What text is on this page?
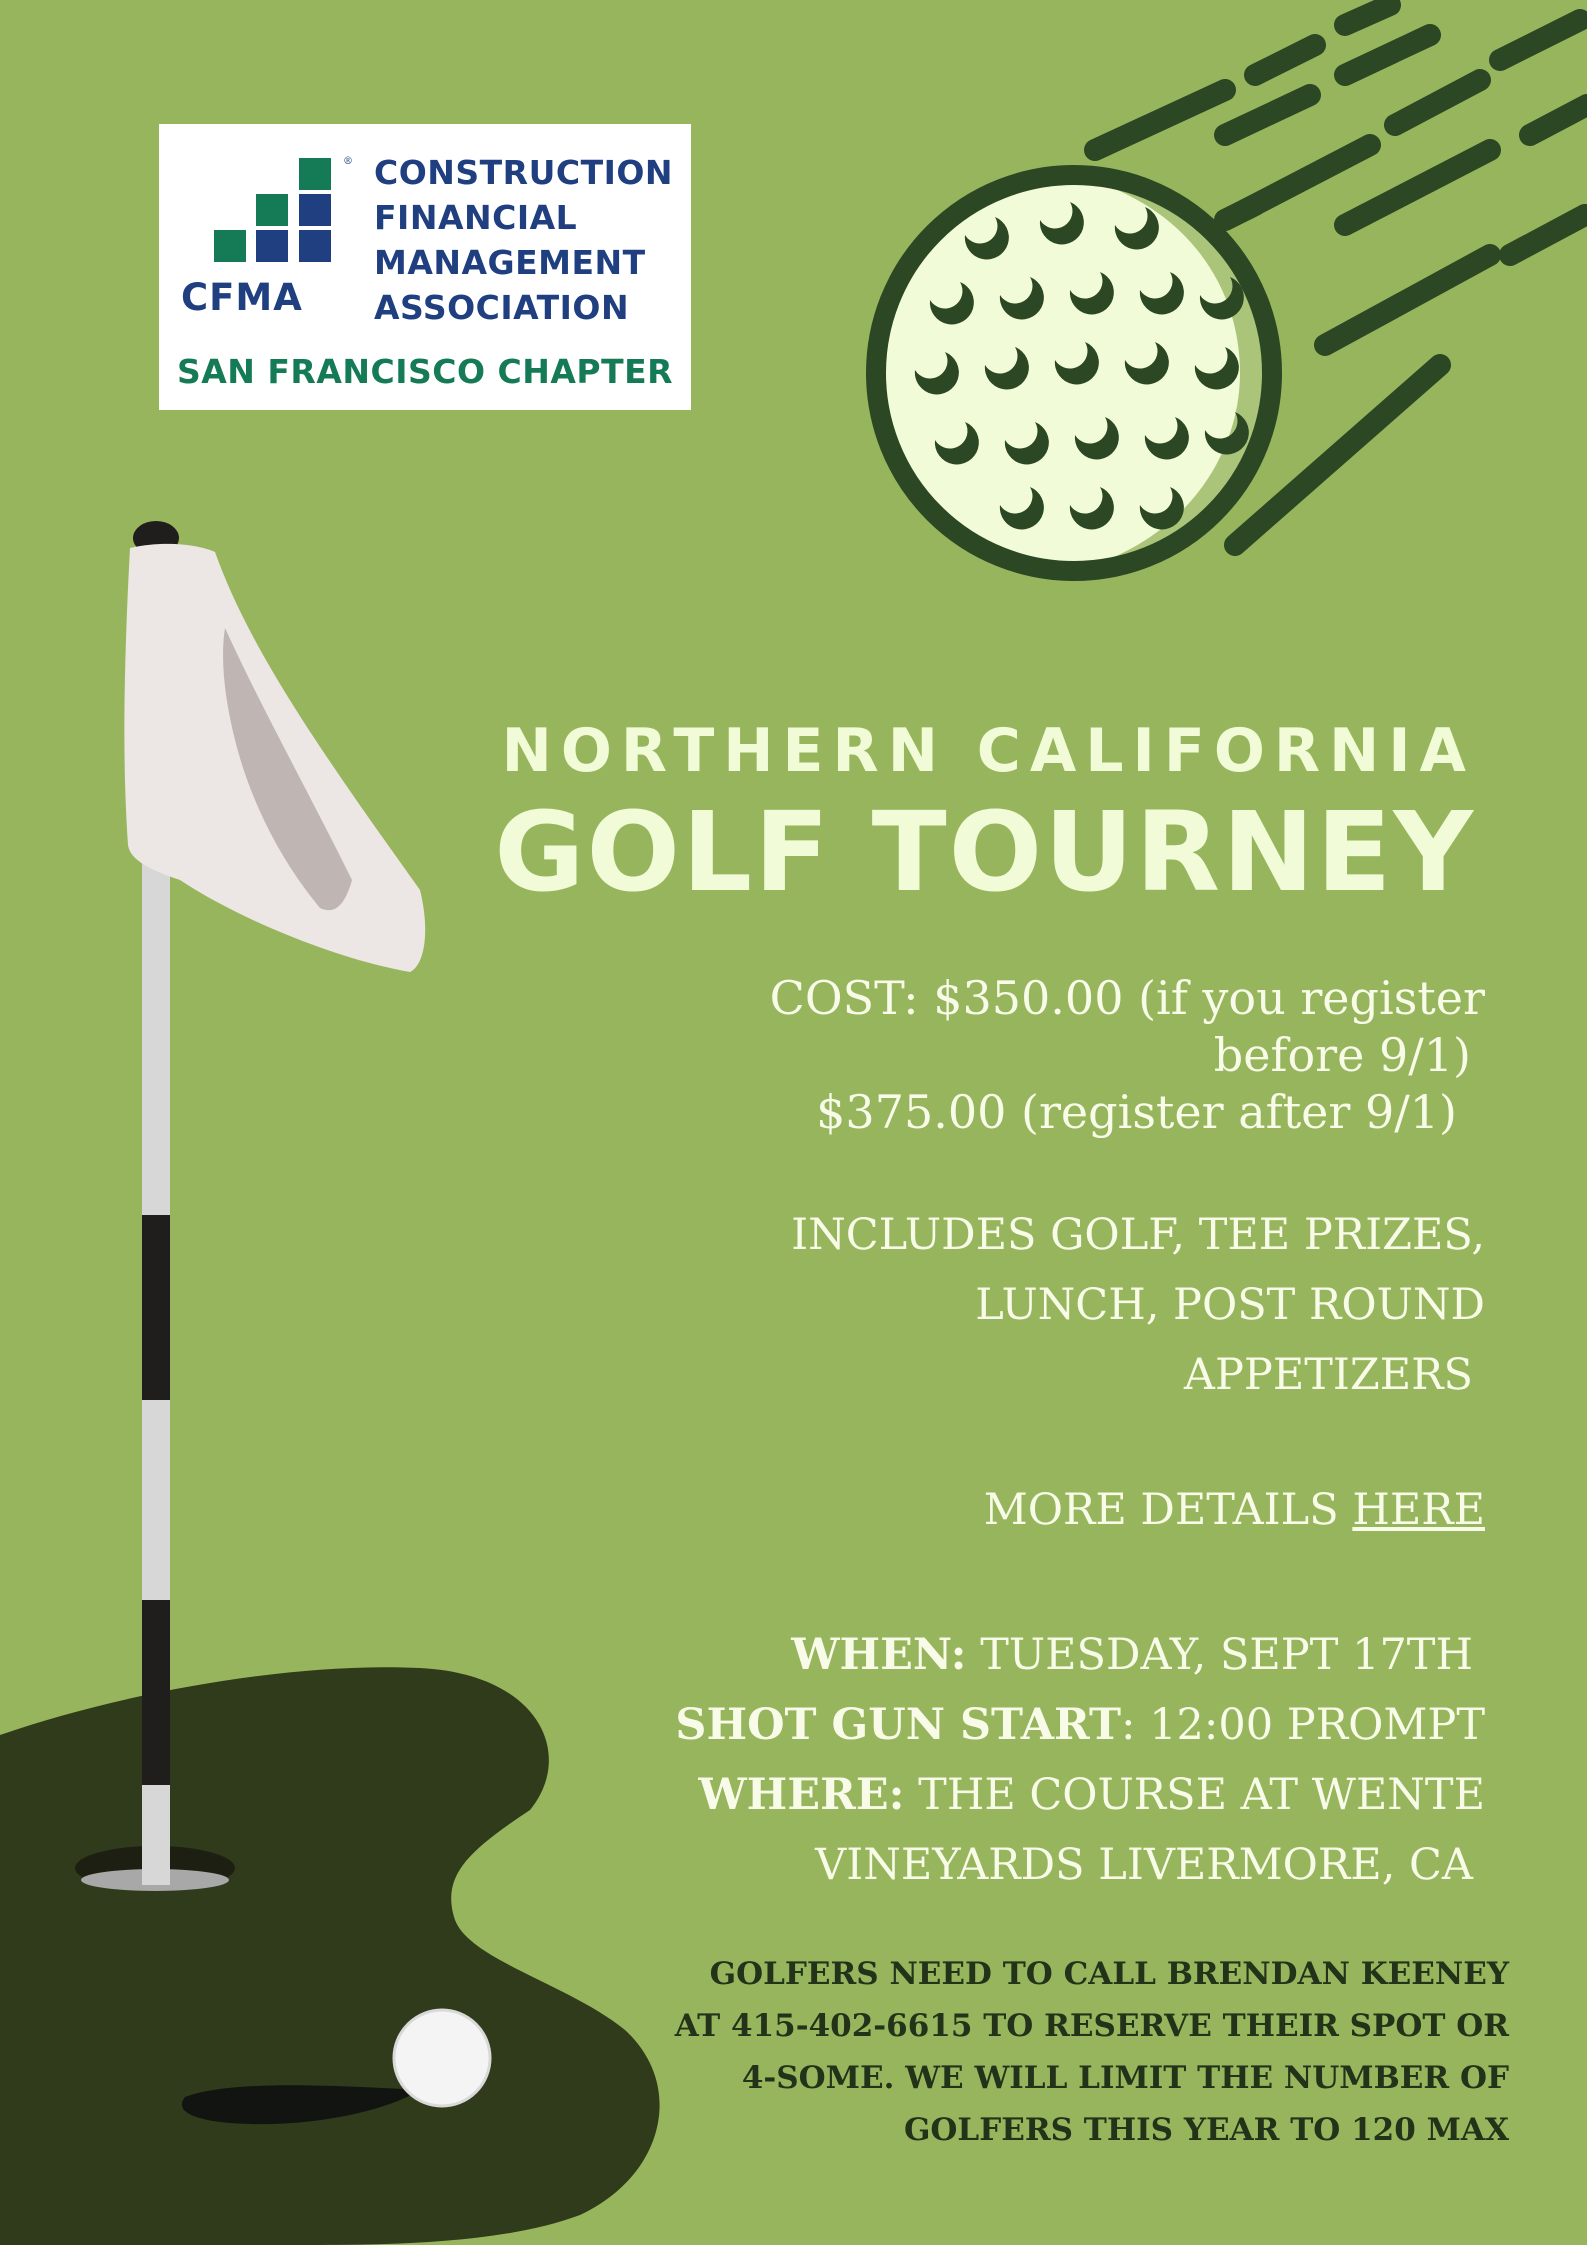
® CONSTRUCTION
FINANCIAL
MANAGEMENT
ASSOCIATION
CFMA
SAN FRANCISCO CHAPTER
NORTHERN CALIFORNIA
GOLF TOURNEY
COST: $350.00 (if you register
before 9/1)
$375.00 (register after 9/1)
INCLUDES GOLF, TEE PRIZES,
LUNCH, POST ROUND
APPETIZERS
MORE DETAILS HERE
WHEN: TUESDAY, SEPT 17TH
SHOT GUN START: 12:00 PROMPT
WHERE: THE COURSE AT WENTE
VINEYARDS LIVERMORE, CA
GOLFERS NEED TO CALL BRENDAN KEENEY
AT 415-402-6615 TO RESERVE THEIR SPOT OR
4-SOME. WE WILL LIMIT THE NUMBER OF
GOLFERS THIS YEAR TO 120 MAX
